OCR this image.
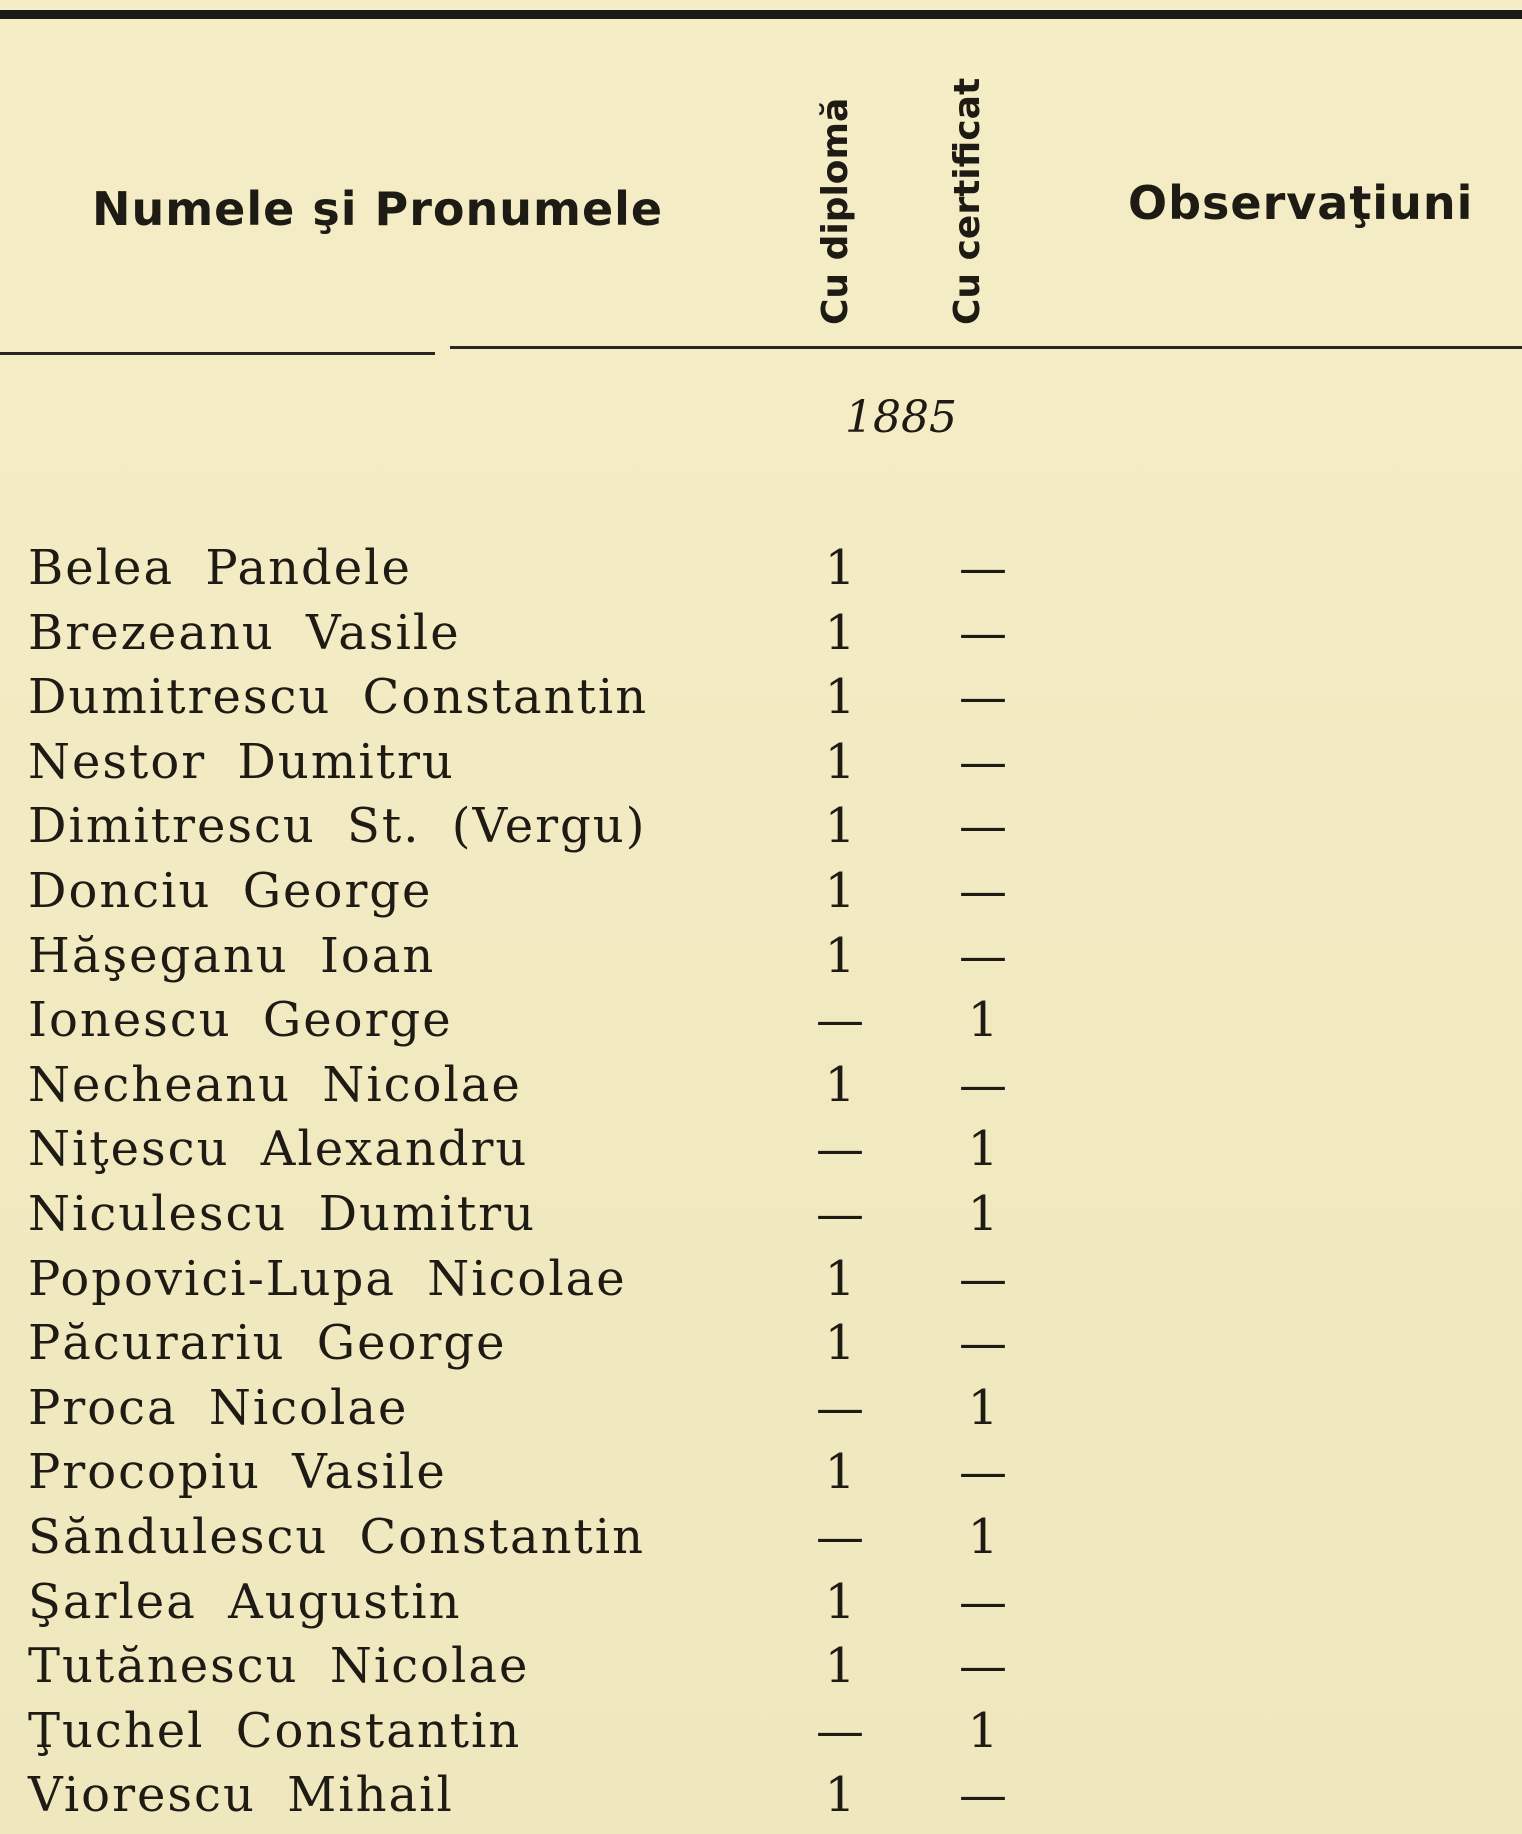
Numele şi Pronumele	Cu diplomă	Cu certificat	Observaţiuni
1885
Belea Pandele	1	—
Brezeanu Vasile	1	—
Dumitrescu Constantin	1	—
Nestor Dumitru	1	—
Dimitrescu St. (Vergu)	1	—
Donciu George	1	—
Hăşeganu Ioan	1	—
Ionescu George	—	1
Necheanu Nicolae	1	—
Niţescu Alexandru	—	1
Niculescu Dumitru	—	1
Popovici-Lupa Nicolae	1	—
Păcurariu George	1	—
Proca Nicolae	—	1
Procopiu Vasile	1	—
Săndulescu Constantin	—	1
Şarlea Augustin	1	—
Tutănescu Nicolae	1	—
Ţuchel Constantin	—	1
Viorescu Mihail	1	—
